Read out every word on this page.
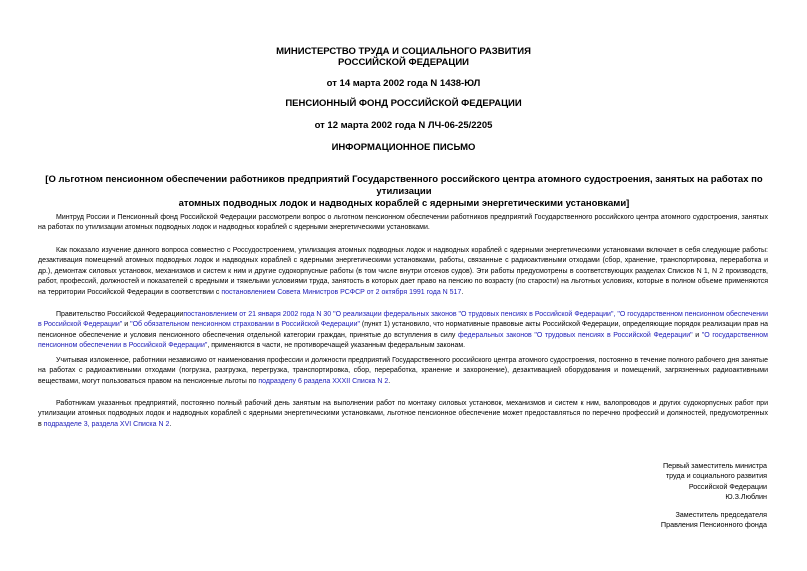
МИНИСТЕРСТВО ТРУДА И СОЦИАЛЬНОГО РАЗВИТИЯ
РОССИЙСКОЙ ФЕДЕРАЦИИ
от 14 марта 2002 года N 1438-ЮЛ
ПЕНСИОННЫЙ ФОНД РОССИЙСКОЙ ФЕДЕРАЦИИ
от 12 марта 2002 года N ЛЧ-06-25/2205
ИНФОРМАЦИОННОЕ ПИСЬМО
[О льготном пенсионном обеспечении работников предприятий Государственного российского центра атомного судостроения, занятых на работах по утилизации
атомных подводных лодок и надводных кораблей с ядерными энергетическими установками]
Минтруд России и Пенсионный фонд Российской Федерации рассмотрели вопрос о льготном пенсионном обеспечении работников предприятий Государственного российского центра атомного судостроения, занятых на работах по утилизации атомных подводных лодок и надводных кораблей с ядерными энергетическими установками.
Как показало изучение данного вопроса совместно с Россудостроением, утилизация атомных подводных лодок и надводных кораблей с ядерными энергетическими установками включает в себя следующие работы: дезактивация помещений атомных подводных лодок и надводных кораблей с ядерными энергетическими установками, работы, связанные с радиоактивными отходами (сбор, хранение, транспортировка, переработка и др.), демонтаж силовых установок, механизмов и систем к ним и другие судокорпусные работы (в том числе внутри отсеков судов). Эти работы предусмотрены в соответствующих разделах Списков N 1, N 2 производств, работ, профессий, должностей и показателей с вредными и тяжелыми условиями труда, занятость в которых дает право на пенсию по возрасту (по старости) на льготных условиях, которые в полном объеме применяются на территории Российской Федерации в соответствии с постановлением Совета Министров РСФСР от 2 октября 1991 года N 517.
Правительство Российской Федерациипостановлением от 21 января 2002 года N 30 "О реализации федеральных законов "О трудовых пенсиях в Российской Федерации", "О государственном пенсионном обеспечении в Российской Федерации" и "Об обязательном пенсионном страховании в Российской Федерации" (пункт 1) установило, что нормативные правовые акты Российской Федерации, определяющие порядок реализации прав на пенсионное обеспечение и условия пенсионного обеспечения отдельной категории граждан, принятые до вступления в силу федеральных законов "О трудовых пенсиях в Российской Федерации" и "О государственном пенсионном обеспечении в Российской Федерации", применяются в части, не противоречащей указанным федеральным законам.
Учитывая изложенное, работники независимо от наименования профессии и должности предприятий Государственного российского центра атомного судостроения, постоянно в течение полного рабочего дня занятые на работах с радиоактивными отходами (погрузка, разгрузка, перегрузка, транспортировка, сбор, переработка, хранение и захоронение), дезактивацией оборудования и помещений, загрязненных радиоактивными веществами, могут пользоваться правом на пенсионные льготы по подразделу 6 раздела XXXII Списка N 2.
Работникам указанных предприятий, постоянно полный рабочий день занятым на выполнении работ по монтажу силовых установок, механизмов и систем к ним, валопроводов и других судокорпусных работ при утилизации атомных подводных лодок и надводных кораблей с ядерными энергетическими установками, льготное пенсионное обеспечение может предоставляться по перечню профессий и должностей, предусмотренных в подразделе 3, раздела XVI Списка N 2.
Первый заместитель министра
труда и социального развития
Российской Федерации
Ю.З.Люблин
Заместитель председателя
Правления Пенсионного фонда
